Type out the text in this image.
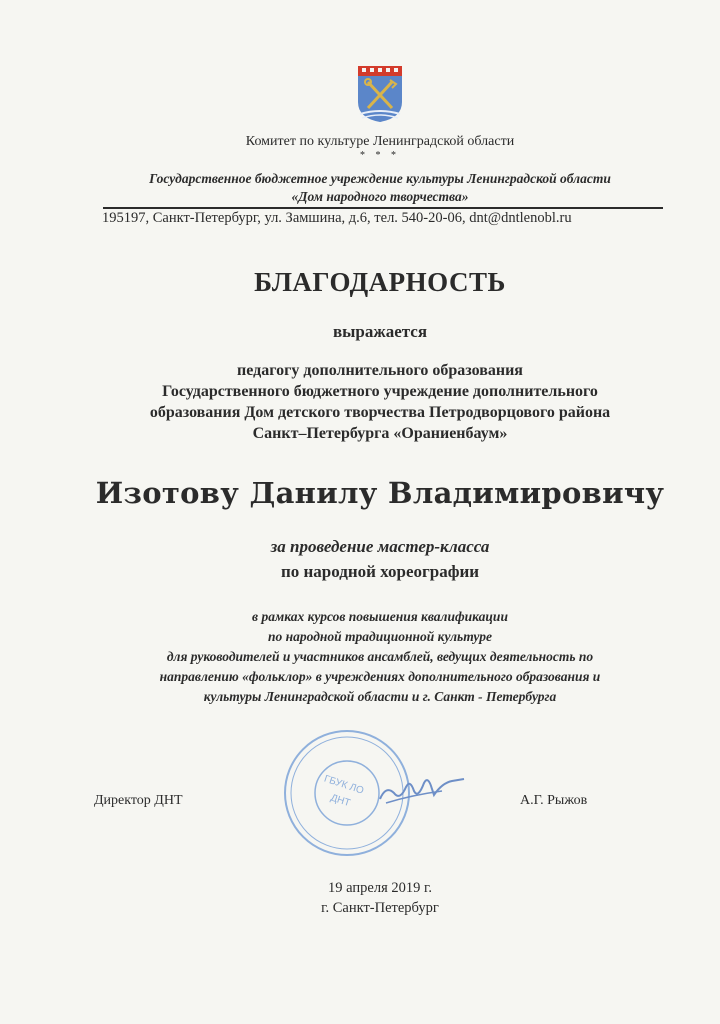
Комитет по культуре Ленинградской области
* * *
Государственное бюджетное учреждение культуры Ленинградской области
«Дом народного творчества»
195197, Санкт-Петербург, ул. Замшина, д.6, тел. 540-20-06, dnt@dntlenobl.ru
БЛАГОДАРНОСТЬ
выражается
педагогу дополнительного образования
Государственного бюджетного учреждение дополнительного
образования Дом детского творчества Петродворцового района
Санкт–Петербурга «Ораниенбаум»
Изотову Данилу Владимировичу
за проведение мастер-класса
по народной хореографии
в рамках курсов повышения квалификации
по народной традиционной культуре
для руководителей и участников ансамблей, ведущих деятельность по
направлению «фольклор» в учреждениях дополнительного образования и
культуры Ленинградской области и г. Санкт - Петербурга
ГБУК ЛО
ДНТ
Директор ДНТ	А.Г. Рыжов
19 апреля 2019 г.
г. Санкт-Петербург
